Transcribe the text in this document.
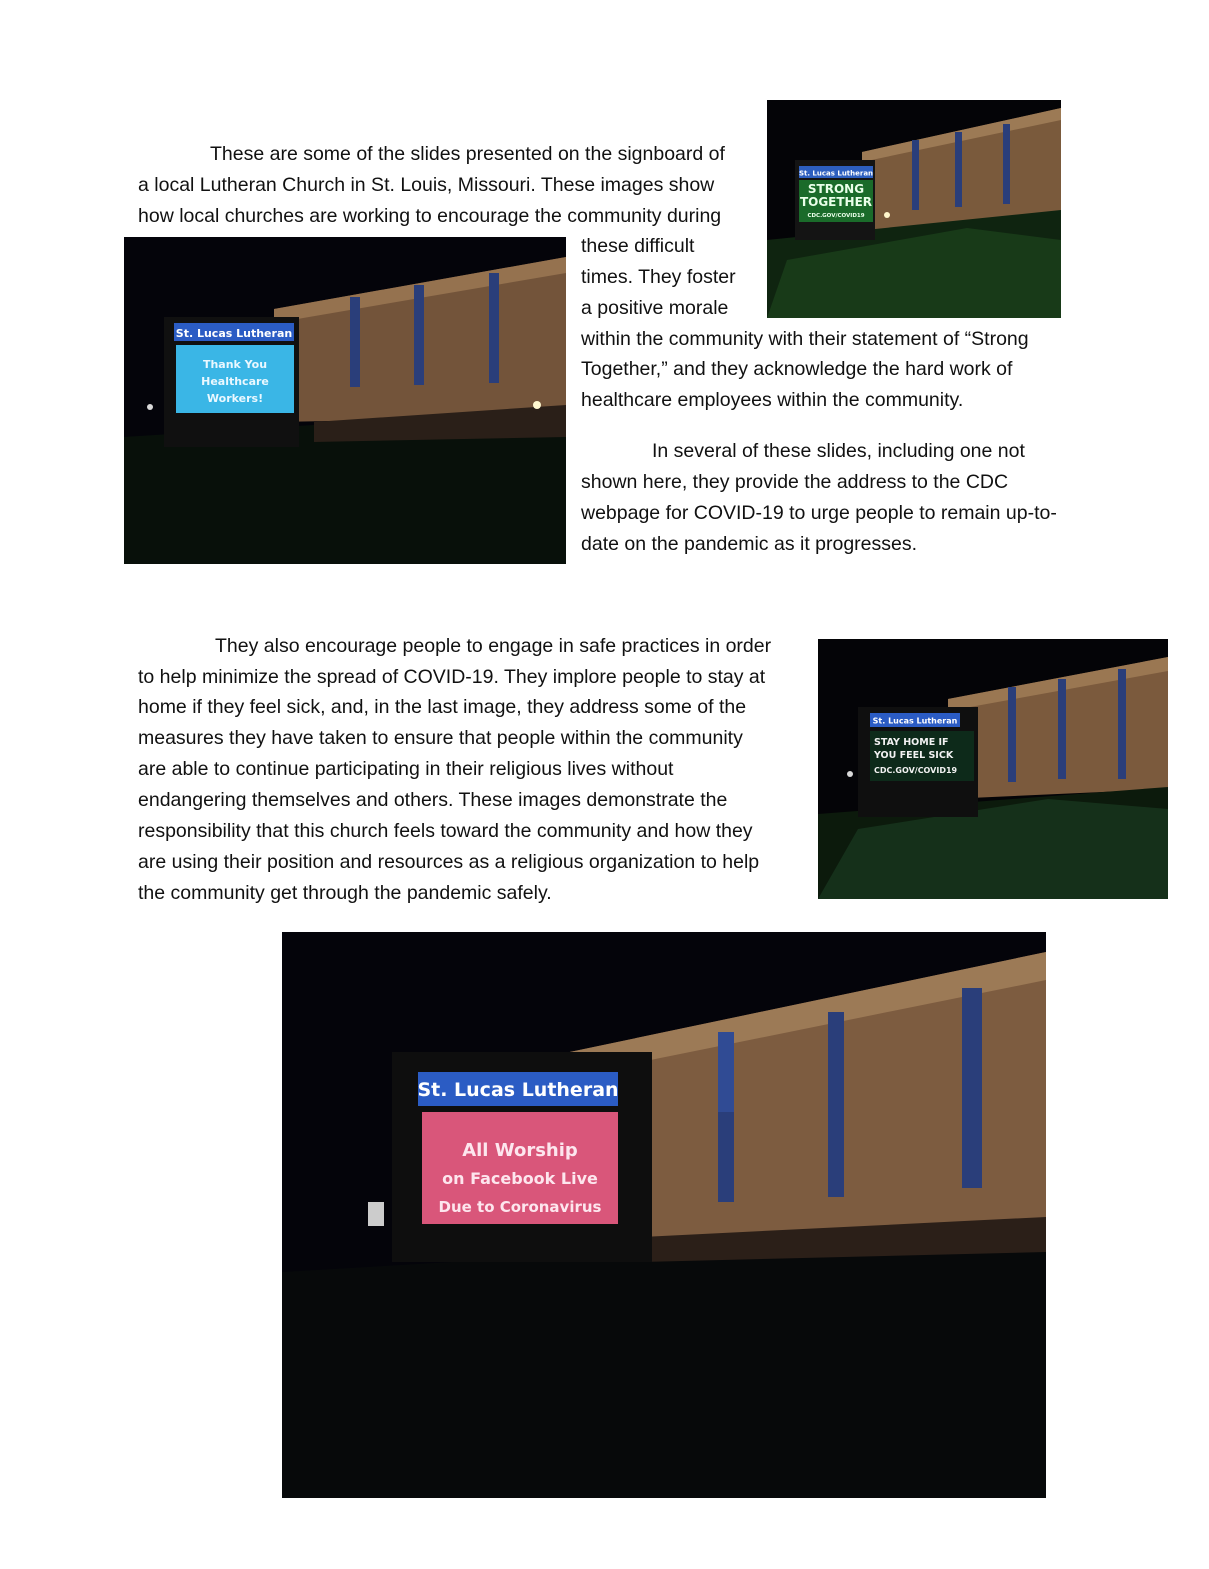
These are some of the slides presented on the signboard of

a local Lutheran Church in St. Louis, Missouri. These images show

how local churches are working to encourage the community during

these difficult

times. They foster

a positive morale

within the community with their statement of “Strong

Together,” and they acknowledge the hard work of

healthcare employees within the community.

In several of these slides, including one not

shown here, they provide the address to the CDC

webpage for COVID-19 to urge people to remain up-to-

date on the pandemic as it progresses.

They also encourage people to engage in safe practices in order

to help minimize the spread of COVID-19. They implore people to stay at

home if they feel sick, and, in the last image, they address some of the

measures they have taken to ensure that people within the community

are able to continue participating in their religious lives without

endangering themselves and others. These images demonstrate the

responsibility that this church feels toward the community and how they

are using their position and resources as a religious organization to help

the community get through the pandemic safely.

St. Lucas Lutheran
STRONG
TOGETHER
CDC.GOV/COVID19
St. Lucas Lutheran
Thank You
Healthcare
Workers!
St. Lucas Lutheran
STAY HOME IF
YOU FEEL SICK
CDC.GOV/COVID19
St. Lucas Lutheran
All Worship
on Facebook Live
Due to Coronavirus
